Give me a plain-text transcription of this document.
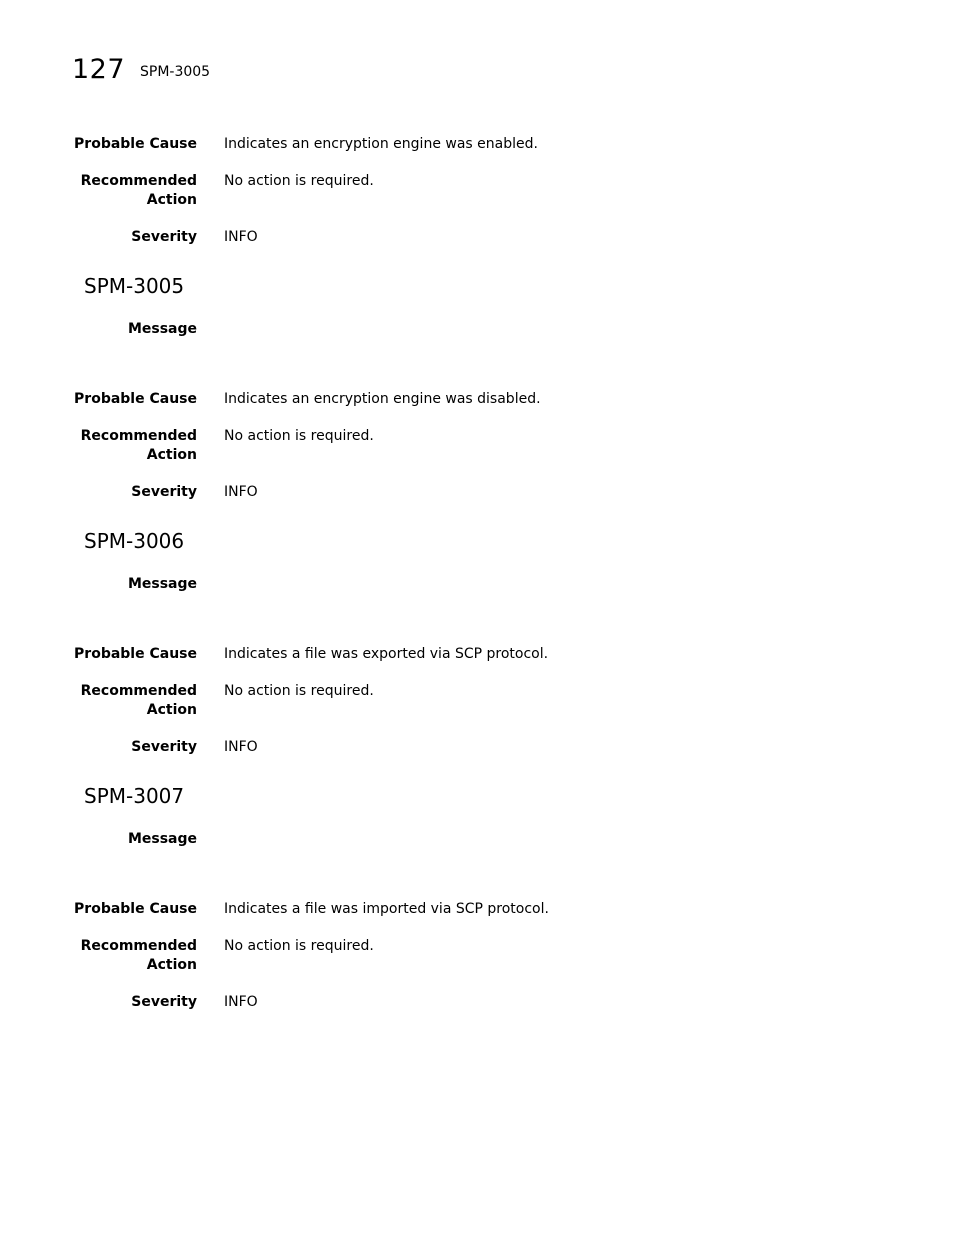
127 SPM-3005
Probable Cause Indicates an encryption engine was enabled.
Recommended Action
No action is required.
Severity INFO
SPM-3005
Message
Probable Cause Indicates an encryption engine was disabled.
Recommended Action
No action is required.
Severity INFO
SPM-3006
Message
Probable Cause Indicates a file was exported via SCP protocol.
Recommended Action
No action is required.
Severity INFO
SPM-3007
Message
Probable Cause Indicates a file was imported via SCP protocol.
Recommended Action
No action is required.
Severity INFO
